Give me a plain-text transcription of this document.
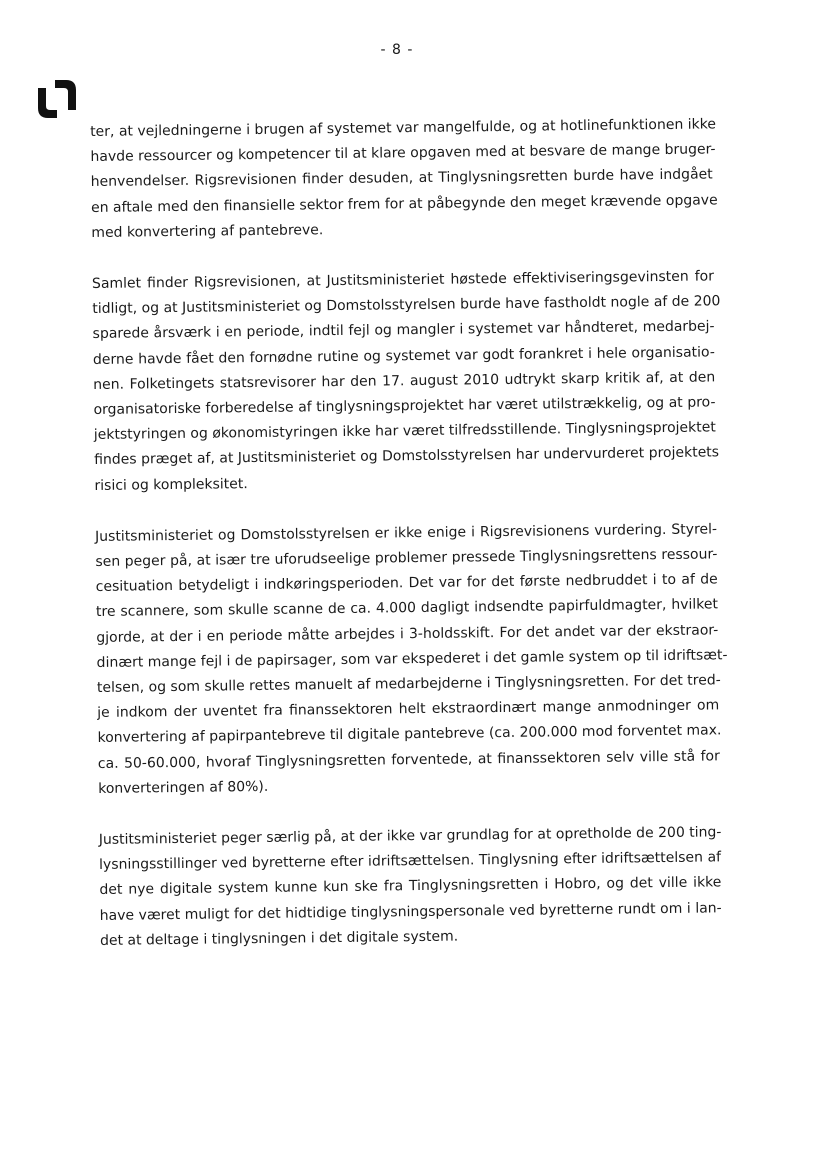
- 8 -

ter, at vejledningerne i brugen af systemet var mangelfulde, og at hotlinefunktionen ikke
havde ressourcer og kompetencer til at klare opgaven med at besvare de mange bruger-
henvendelser. Rigsrevisionen finder desuden, at Tinglysningsretten burde have indgået
en aftale med den finansielle sektor frem for at påbegynde den meget krævende opgave
med konvertering af pantebreve.

Samlet finder Rigsrevisionen, at Justitsministeriet høstede effektiviseringsgevinsten for
tidligt, og at Justitsministeriet og Domstolsstyrelsen burde have fastholdt nogle af de 200
sparede årsværk i en periode, indtil fejl og mangler i systemet var håndteret, medarbej-
derne havde fået den fornødne rutine og systemet var godt forankret i hele organisatio-
nen. Folketingets statsrevisorer har den 17. august 2010 udtrykt skarp kritik af, at den
organisatoriske forberedelse af tinglysningsprojektet har været utilstrækkelig, og at pro-
jektstyringen og økonomistyringen ikke har været tilfredsstillende. Tinglysningsprojektet
findes præget af, at Justitsministeriet og Domstolsstyrelsen har undervurderet projektets
risici og kompleksitet.

Justitsministeriet og Domstolsstyrelsen er ikke enige i Rigsrevisionens vurdering. Styrel-
sen peger på, at især tre uforudseelige problemer pressede Tinglysningsrettens ressour-
cesituation betydeligt i indkøringsperioden. Det var for det første nedbruddet i to af de
tre scannere, som skulle scanne de ca. 4.000 dagligt indsendte papirfuldmagter, hvilket
gjorde, at der i en periode måtte arbejdes i 3-holdsskift. For det andet var der ekstraor-
dinært mange fejl i de papirsager, som var ekspederet i det gamle system op til idriftsæt-
telsen, og som skulle rettes manuelt af medarbejderne i Tinglysningsretten. For det tred-
je indkom der uventet fra finanssektoren helt ekstraordinært mange anmodninger om
konvertering af papirpantebreve til digitale pantebreve (ca. 200.000 mod forventet max.
ca. 50-60.000, hvoraf Tinglysningsretten forventede, at finanssektoren selv ville stå for
konverteringen af 80%).

Justitsministeriet peger særlig på, at der ikke var grundlag for at opretholde de 200 ting-
lysningsstillinger ved byretterne efter idriftsættelsen. Tinglysning efter idriftsættelsen af
det nye digitale system kunne kun ske fra Tinglysningsretten i Hobro, og det ville ikke
have været muligt for det hidtidige tinglysningspersonale ved byretterne rundt om i lan-
det at deltage i tinglysningen i det digitale system.
